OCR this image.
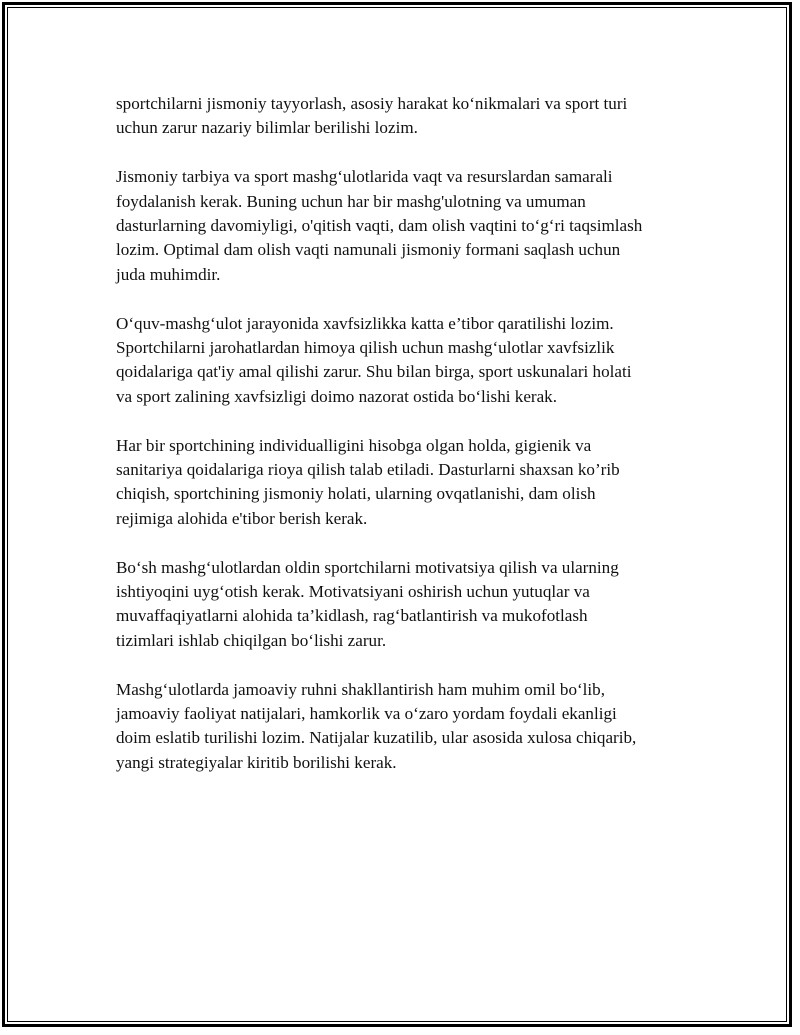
sportchilarni jismoniy tayyorlash, asosiy harakat ko‘nikmalari va sport turi
uchun zarur nazariy bilimlar berilishi lozim.

Jismoniy tarbiya va sport mashg‘ulotlarida vaqt va resurslardan samarali
foydalanish kerak. Buning uchun har bir mashg'ulotning va umuman
dasturlarning davomiyligi, o'qitish vaqti, dam olish vaqtini to‘g‘ri taqsimlash
lozim. Optimal dam olish vaqti namunali jismoniy formani saqlash uchun
juda muhimdir.

O‘quv-mashg‘ulot jarayonida xavfsizlikka katta e’tibor qaratilishi lozim.
Sportchilarni jarohatlardan himoya qilish uchun mashg‘ulotlar xavfsizlik
qoidalariga qat'iy amal qilishi zarur. Shu bilan birga, sport uskunalari holati
va sport zalining xavfsizligi doimo nazorat ostida bo‘lishi kerak.

Har bir sportchining individualligini hisobga olgan holda, gigienik va
sanitariya qoidalariga rioya qilish talab etiladi. Dasturlarni shaxsan ko’rib
chiqish, sportchining jismoniy holati, ularning ovqatlanishi, dam olish
rejimiga alohida e'tibor berish kerak.

Bo‘sh mashg‘ulotlardan oldin sportchilarni motivatsiya qilish va ularning
ishtiyoqini uyg‘otish kerak. Motivatsiyani oshirish uchun yutuqlar va
muvaffaqiyatlarni alohida ta’kidlash, rag‘batlantirish va mukofotlash
tizimlari ishlab chiqilgan bo‘lishi zarur.

Mashg‘ulotlarda jamoaviy ruhni shakllantirish ham muhim omil bo‘lib,
jamoaviy faoliyat natijalari, hamkorlik va o‘zaro yordam foydali ekanligi
doim eslatib turilishi lozim. Natijalar kuzatilib, ular asosida xulosa chiqarib,
yangi strategiyalar kiritib borilishi kerak.
